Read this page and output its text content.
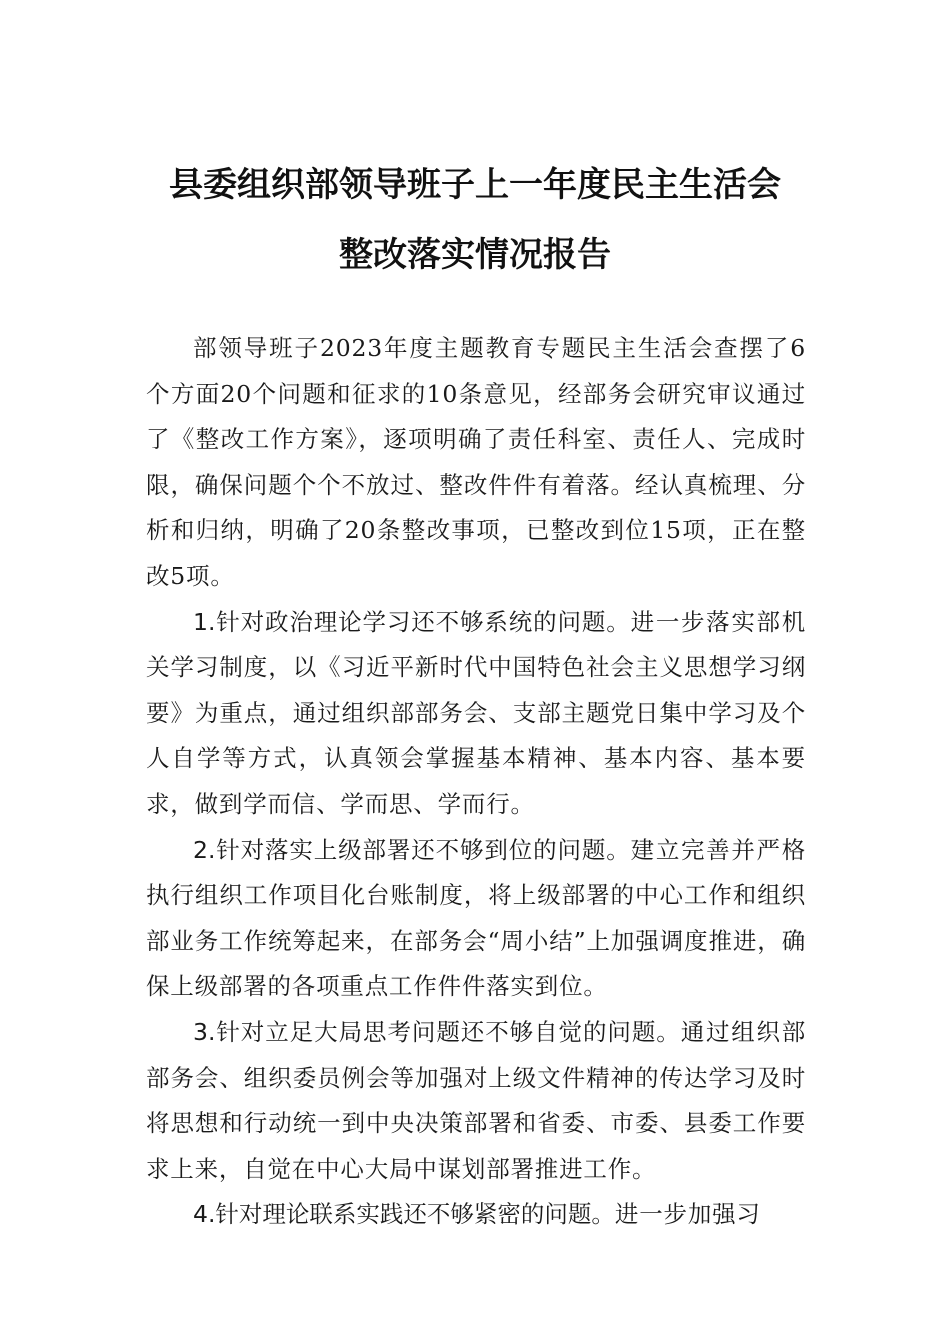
县委组织部领导班子上一年度民主生活会
整改落实情况报告

部领导班子2023年度主题教育专题民主生活会查摆了6个方面20个问题和征求的10条意见，经部务会研究审议通过了《整改工作方案》，逐项明确了责任科室、责任人、完成时限，确保问题个个不放过、整改件件有着落。经认真梳理、分析和归纳，明确了20条整改事项，已整改到位15项，正在整改5项。

1.针对政治理论学习还不够系统的问题。进一步落实部机关学习制度，以《习近平新时代中国特色社会主义思想学习纲要》为重点，通过组织部部务会、支部主题党日集中学习及个人自学等方式，认真领会掌握基本精神、基本内容、基本要求，做到学而信、学而思、学而行。

2.针对落实上级部署还不够到位的问题。建立完善并严格执行组织工作项目化台账制度，将上级部署的中心工作和组织部业务工作统筹起来，在部务会“周小结”上加强调度推进，确保上级部署的各项重点工作件件落实到位。

3.针对立足大局思考问题还不够自觉的问题。通过组织部部务会、组织委员例会等加强对上级文件精神的传达学习及时将思想和行动统一到中央决策部署和省委、市委、县委工作要求上来，自觉在中心大局中谋划部署推进工作。

4.针对理论联系实践还不够紧密的问题。进一步加强习
